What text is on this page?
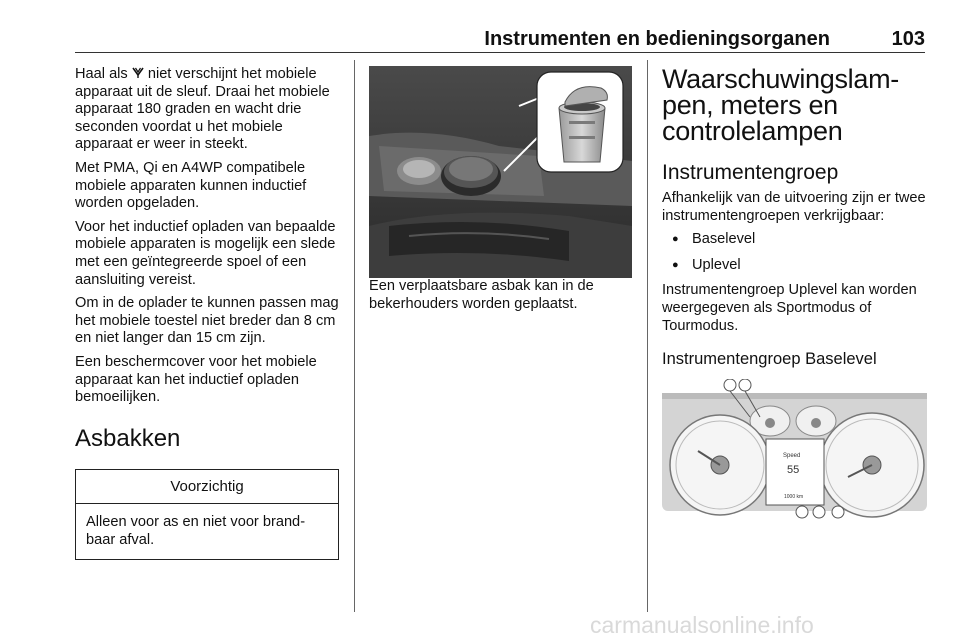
Instrumenten en bedieningsorganen	103

Haal als  niet verschijnt het mobiele apparaat uit de sleuf. Draai het mobiele apparaat 180 graden en wacht drie seconden voordat u het mobiele apparaat er weer in steekt.

Met PMA, Qi en A4WP compatibele mobiele apparaten kunnen inductief worden opgeladen.

Voor het inductief opladen van bepaalde mobiele apparaten is mogelijk een slede met een geïntegreerde spoel of een aansluiting vereist.

Om in de oplader te kunnen passen mag het mobiele toestel niet breder dan 8 cm en niet langer dan 15 cm zijn.

Een beschermcover voor het mobiele apparaat kan het inductief opladen bemoeilijken.

Asbakken
Voorzichtig
Alleen voor as en niet voor brandbaar afval.

Een verplaatsbare asbak kan in de bekerhouders worden geplaatst.

Waarschuwingslampen, meters en controlelampen
Instrumentengroep

Afhankelijk van de uitvoering zijn er twee instrumentengroepen verkrijgbaar:

● Baselevel
● Uplevel

Instrumentengroep Uplevel kan worden weergegeven als Sportmodus of Tourmodus.

Instrumentengroep Baselevel
Speed
55
1000 km
carmanualsonline.info
